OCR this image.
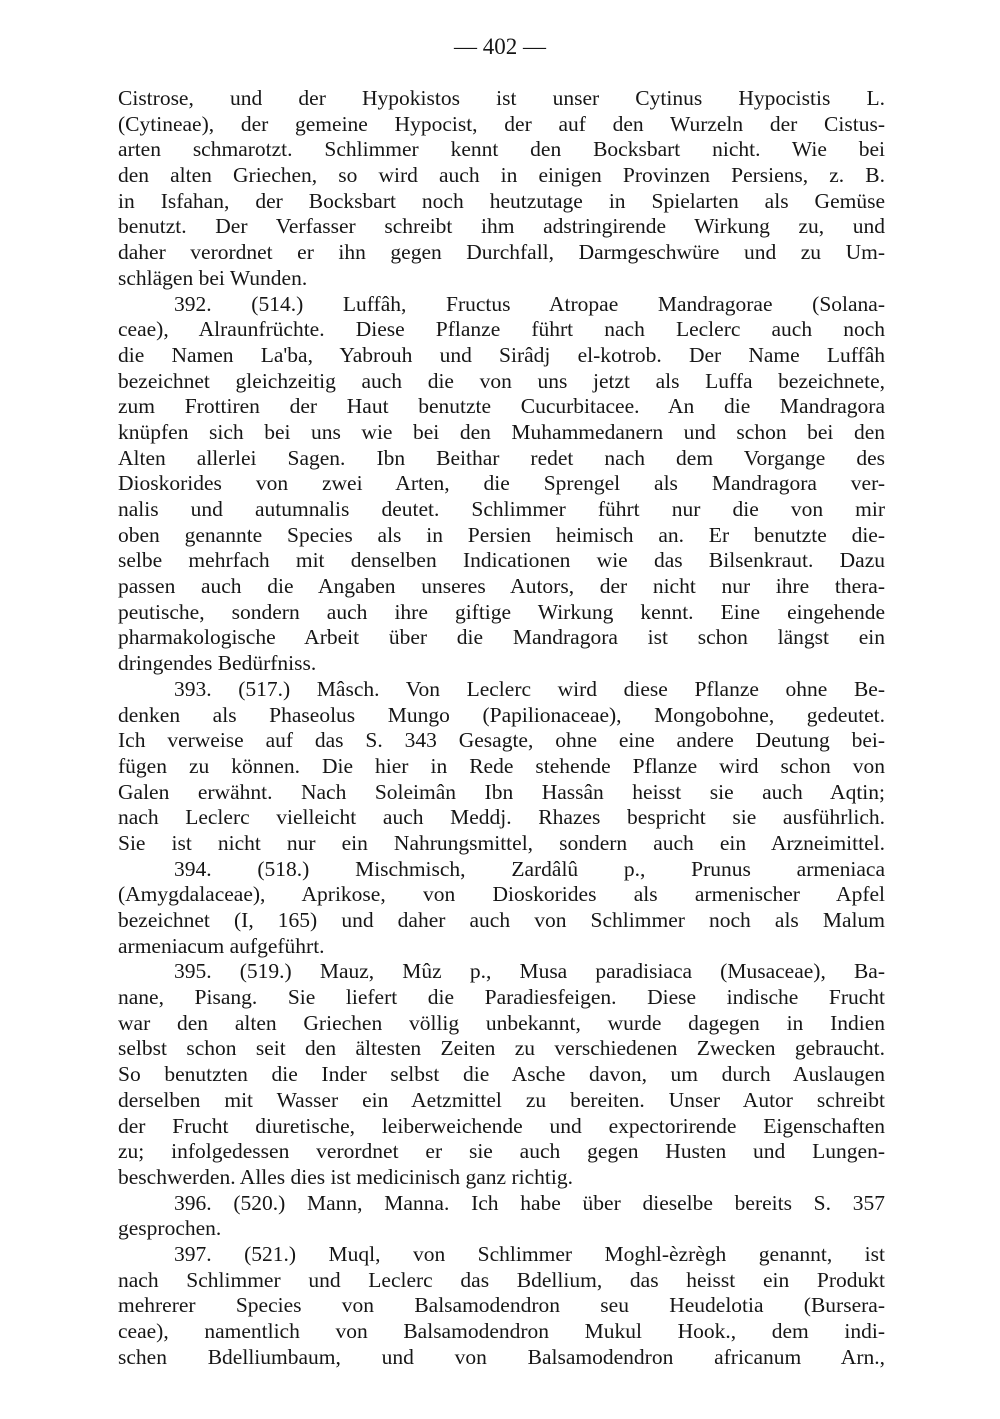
— 402 —
Cistrose, und der Hypokistos ist unser Cytinus Hypocistis L.
(Cytineae), der gemeine Hypocist, der auf den Wurzeln der Cistus-
arten schmarotzt. Schlimmer kennt den Bocksbart nicht. Wie bei
den alten Griechen, so wird auch in einigen Provinzen Persiens, z. B.
in Isfahan, der Bocksbart noch heutzutage in Spielarten als Gemüse
benutzt. Der Verfasser schreibt ihm adstringirende Wirkung zu, und
daher verordnet er ihn gegen Durchfall, Darmgeschwüre und zu Um-
schlägen bei Wunden.
392. (514.) Luffâh, Fructus Atropae Mandragorae (Solana-
ceae), Alraunfrüchte. Diese Pflanze führt nach Leclerc auch noch
die Namen La'ba, Yabrouh und Sirâdj el-kotrob. Der Name Luffâh
bezeichnet gleichzeitig auch die von uns jetzt als Luffa bezeichnete,
zum Frottiren der Haut benutzte Cucurbitacee. An die Mandragora
knüpfen sich bei uns wie bei den Muhammedanern und schon bei den
Alten allerlei Sagen. Ibn Beithar redet nach dem Vorgange des
Dioskorides von zwei Arten, die Sprengel als Mandragora ver-
nalis und autumnalis deutet. Schlimmer führt nur die von mir
oben genannte Species als in Persien heimisch an. Er benutzte die-
selbe mehrfach mit denselben Indicationen wie das Bilsenkraut. Dazu
passen auch die Angaben unseres Autors, der nicht nur ihre thera-
peutische, sondern auch ihre giftige Wirkung kennt. Eine eingehende
pharmakologische Arbeit über die Mandragora ist schon längst ein
dringendes Bedürfniss.
393. (517.) Mâsch. Von Leclerc wird diese Pflanze ohne Be-
denken als Phaseolus Mungo (Papilionaceae), Mongobohne, gedeutet.
Ich verweise auf das S. 343 Gesagte, ohne eine andere Deutung bei-
fügen zu können. Die hier in Rede stehende Pflanze wird schon von
Galen erwähnt. Nach Soleimân Ibn Hassân heisst sie auch Aqtin;
nach Leclerc vielleicht auch Meddj. Rhazes bespricht sie ausführlich.
Sie ist nicht nur ein Nahrungsmittel, sondern auch ein Arzneimittel.
394. (518.) Mischmisch, Zardâlû p., Prunus armeniaca
(Amygdalaceae), Aprikose, von Dioskorides als armenischer Apfel
bezeichnet (I, 165) und daher auch von Schlimmer noch als Malum
armeniacum aufgeführt.
395. (519.) Mauz, Mûz p., Musa paradisiaca (Musaceae), Ba-
nane, Pisang. Sie liefert die Paradiesfeigen. Diese indische Frucht
war den alten Griechen völlig unbekannt, wurde dagegen in Indien
selbst schon seit den ältesten Zeiten zu verschiedenen Zwecken gebraucht.
So benutzten die Inder selbst die Asche davon, um durch Auslaugen
derselben mit Wasser ein Aetzmittel zu bereiten. Unser Autor schreibt
der Frucht diuretische, leiberweichende und expectorirende Eigenschaften
zu; infolgedessen verordnet er sie auch gegen Husten und Lungen-
beschwerden. Alles dies ist medicinisch ganz richtig.
396. (520.) Mann, Manna. Ich habe über dieselbe bereits S. 357
gesprochen.
397. (521.) Muql, von Schlimmer Moghl-èzrègh genannt, ist
nach Schlimmer und Leclerc das Bdellium, das heisst ein Produkt
mehrerer Species von Balsamodendron seu Heudelotia (Bursera-
ceae), namentlich von Balsamodendron Mukul Hook., dem indi-
schen Bdelliumbaum, und von Balsamodendron africanum Arn.,
